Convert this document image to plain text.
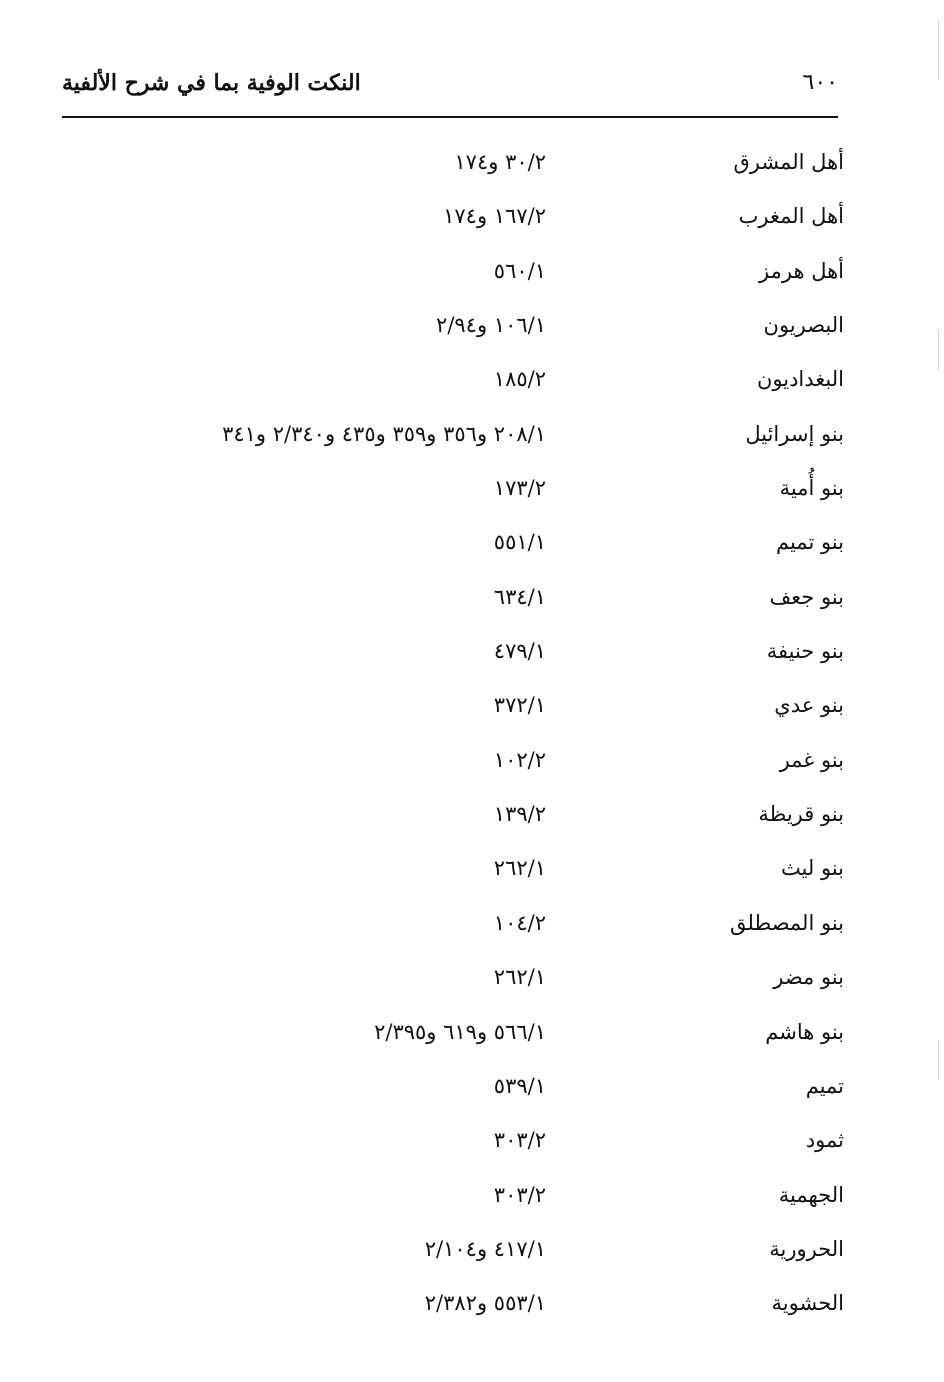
النكت الوفية بما في شرح الألفية	٦٠٠
أهل المشرق
٣٠/٢ و١٧٤
أهل المغرب
١٦٧/٢ و١٧٤
أهل هرمز
٥٦٠/١
البصريون
١٠٦/١ و٢/٩٤
البغداديون
١٨٥/٢
بنو إسرائيل
٢٠٨/١ و٣٥٦ و٣٥٩ و٤٣٥ و٢/٣٤٠ و٣٤١
بنو أُمية
١٧٣/٢
بنو تميم
٥٥١/١
بنو جعف
٦٣٤/١
بنو حنيفة
٤٧٩/١
بنو عدي
٣٧٢/١
بنو غمر
١٠٢/٢
بنو قريظة
١٣٩/٢
بنو ليث
٢٦٢/١
بنو المصطلق
١٠٤/٢
بنو مضر
٢٦٢/١
بنو هاشم
٥٦٦/١ و٦١٩ و٢/٣٩٥
تميم
٥٣٩/١
ثمود
٣٠٣/٢
الجهمية
٣٠٣/٢
الحرورية
٤١٧/١ و٢/١٠٤
الحشوية
٥٥٣/١ و٢/٣٨٢
